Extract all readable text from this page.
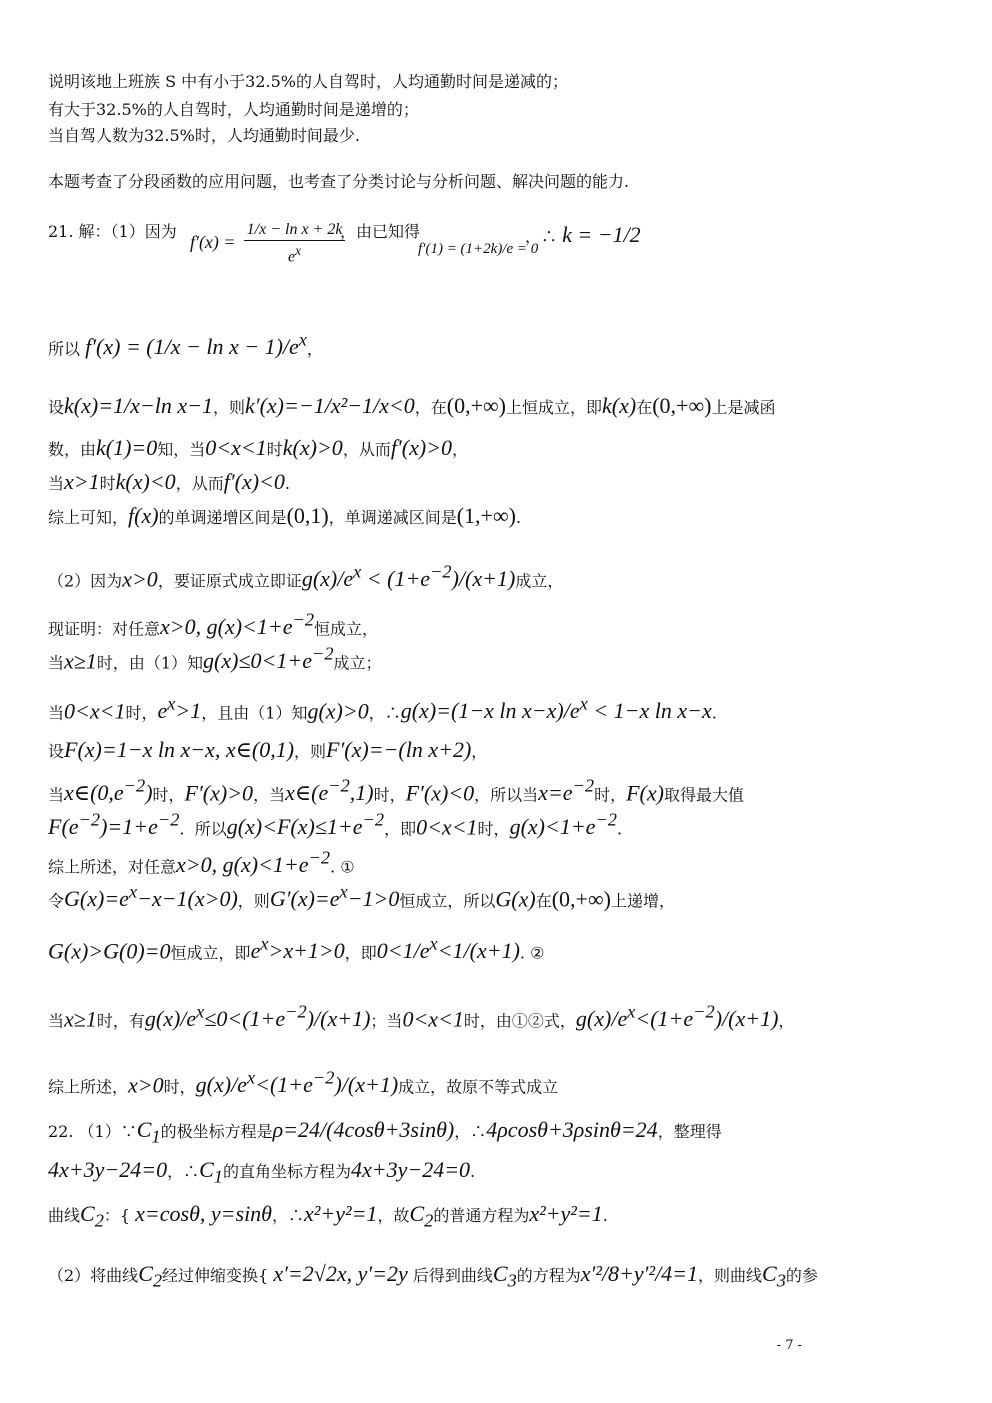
说明该地上班族 S 中有小于32.5%的人自驾时，人均通勤时间是递减的；
有大于32.5%的人自驾时，人均通勤时间是递增的；
当自驾人数为32.5%时，人均通勤时间最少.
本题考查了分段函数的应用问题，也考查了分类讨论与分析问题、解决问题的能力.
21. 解：（1）因为
$f'(x) = \frac{\text{1/x − ln x + 2k}}{e^x}$
，由已知得
f′(1) = (1+2k)/e = 0
，∴ k = −1/2
所以 $f'(x) = (1/x - \ln x - 1)/e^x$，
设k(x)=1/x−ln x−1，则k′(x)=−1/x²−1/x<0，在(0,+∞)上恒成立，即k(x)在(0,+∞)上是减函
数，由k(1)=0知，当0<x<1时k(x)>0，从而f′(x)>0，
当x>1时k(x)<0，从而f′(x)<0.
综上可知，f(x)的单调递增区间是(0,1)，单调递减区间是(1,+∞).
（2）因为x>0，要证原式成立即证$g(x)/e^x < (1+e^{-2})/(x+1)$成立，
现证明：对任意x>0, $g(x)<1+e^{-2}$恒成立，
当x≥1时，由（1）知$g(x)\le 0<1+e^{-2}$成立；
当0<x<1时，$e^x>1$，且由（1）知g(x)>0，∴g(x)=(1−x $\ln x-x)/e^x < 1-x$ ln x−x.
设F(x)=1−x ln x−x, x∈(0,1)，则F′(x)=−(ln x+2)，
当$x\in(0,e^{-2})$时，F′(x)>0，当$x\in(e^{-2},1)$时，F′(x)<0，所以当$x=e^{-2}$时，F(x)取得最大值
$F(e^{-2})=1+e^{-2}$.  所以$g(x)<F(x)\le 1+e^{-2}$，即0<x<1时，$g(x)<1+e^{-2}$.
综上所述，对任意x>0, $g(x)<1+e^{-2}$. ①
令$G(x)=e^x-x-1(x>0)$，则$G'(x)=e^x-1>0$恒成立，所以G(x)在(0,+∞)上递增，
G(x)>G(0)=0恒成立，即$e^x>x+1>0$，即$0<1/e^x<1/(x+1)$. ②
当x≥1时，有$g(x)/e^x\le 0<(1+e^{-2})/(x+1)$；当0<x<1时，由①②式，$g(x)/e^x<(1+e^{-2})/(x+1)$，
综上所述，x>0时，$g(x)/e^x<(1+e^{-2})/(x+1)$成立，故原不等式成立
22. $(1)\because C_1$的极坐标方程是ρ=24/(4cosθ+3sinθ)，∴4ρcosθ+3ρsinθ=24，整理得
4x+3y−24=0，$\therefore C_1$的直角坐标方程为4x+3y−24=0.
曲线$C_2$：{ x=cosθ, y=sinθ，∴x²+y²=1，故$C_2$的普通方程为x²+y²=1.
（2）将曲线$C_2$经过伸缩变换{ x′=2√2x, y′=2y 后得到曲线$C_3$的方程为x′²/8+y′²/4=1，则曲线$C_3$的参
- 7 -
